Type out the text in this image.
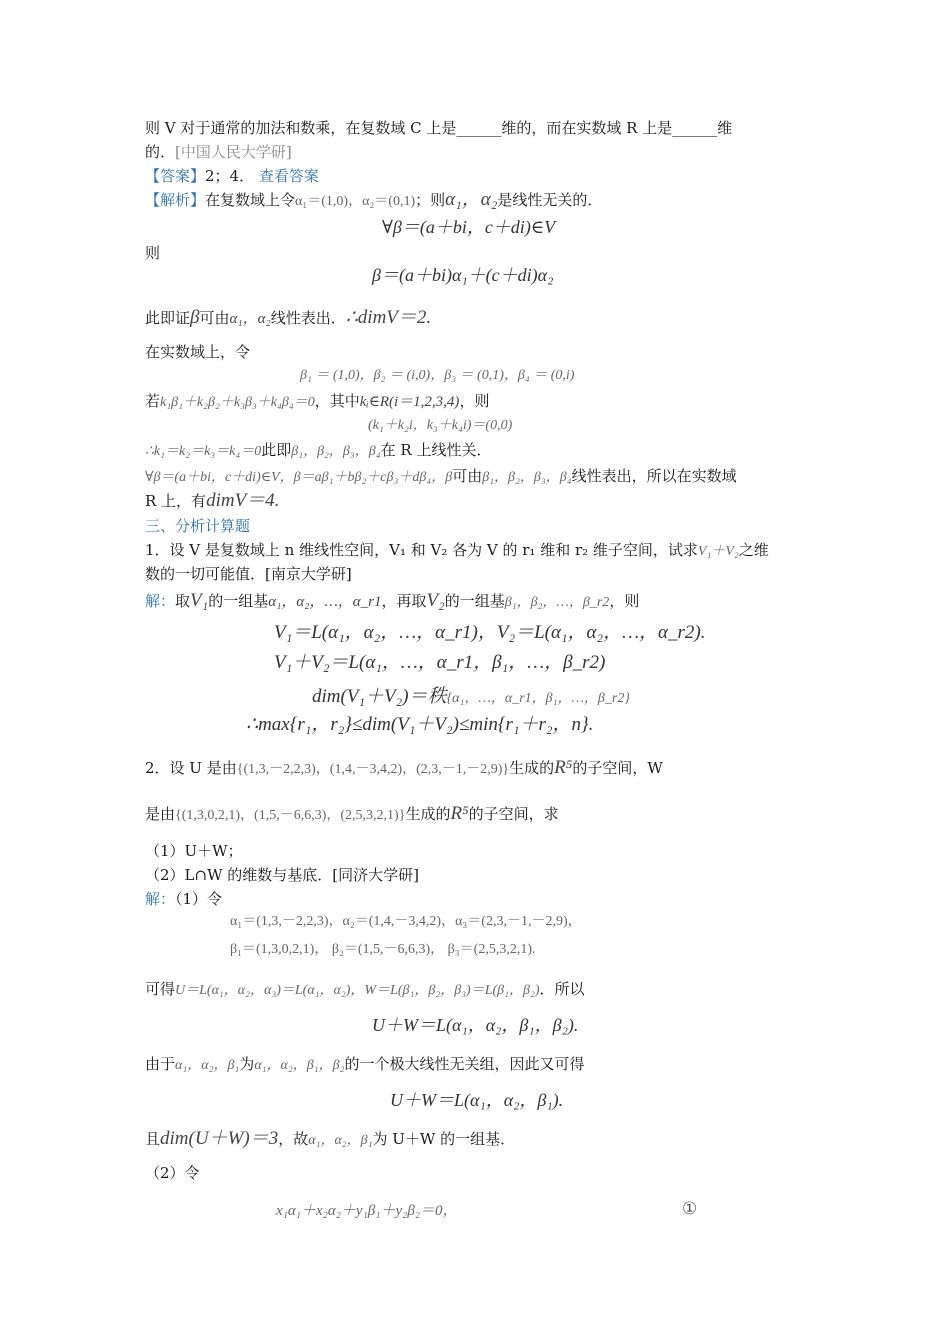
则 V 对于通常的加法和数乘，在复数域 C 上是______维的，而在实数域 R 上是______维
的．[中国人民大学研]
【答案】2；4． 查看答案
【解析】在复数域上令α₁＝(1,0)，α₂＝(0,1)；则α₁，α₂是线性无关的．
∀β＝(a＋bi，c＋di)∈V
则
β＝(a＋bi)α₁＋(c＋di)α₂
此即证β可由α₁，α₂线性表出．∴dimV＝2.
在实数域上，令
β₁ ＝ (1,0)，β₂ ＝ (i,0)，β₃ ＝ (0,1)，β₄ ＝ (0,i)
若k₁β₁＋k₂β₂＋k₃β₃＋k₄β₄＝0，其中kᵢ∈R(i＝1,2,3,4)，则
(k₁＋k₂i，k₃＋k₄i)＝(0,0)
∴k₁＝k₂＝k₃＝k₄＝0此即β₁，β₂，β₃，β₄在 R 上线性关．
∀β＝(a＋bi，c＋di)∈V，β＝aβ₁＋bβ₂＋cβ₃＋dβ₄，β可由β₁，β₂，β₃，β₄线性表出，所以在实数域
R 上，有dimV＝4.
三、分析计算题
1．设 V 是复数域上 n 维线性空间，V₁ 和 V₂ 各为 V 的 r₁ 维和 r₂ 维子空间，试求V₁＋V₂之维
数的一切可能值．[南京大学研]
解：取V₁的一组基α₁，α₂，…，α_r1，再取V₂的一组基β₁，β₂，…，β_r2，则
V₁＝L(α₁，α₂，…，α_r1)，V₂＝L(α₁，α₂，…，α_r2).
V₁＋V₂＝L(α₁，…，α_r1，β₁，…，β_r2)
dim(V₁＋V₂)＝秩{α₁，…，α_r1，β₁，…，β_r2}
∴max{r₁，r₂}≤dim(V₁＋V₂)≤min{r₁＋r₂，n}.
2．设 U 是由{(1,3,－2,2,3)，(1,4,－3,4,2)，(2,3,－1,－2,9)}生成的R⁵的子空间，W
是由{(1,3,0,2,1)，(1,5,－6,6,3)，(2,5,3,2,1)}生成的R⁵的子空间，求
（1）U＋W；
（2）L∩W 的维数与基底．[同济大学研]
解：（1）令
α₁＝(1,3,－2,2,3)，α₂＝(1,4,－3,4,2)，α₃＝(2,3,－1,－2,9)，
β₁＝(1,3,0,2,1)， β₂＝(1,5,－6,6,3)， β₃＝(2,5,3,2,1).
可得U＝L(α₁，α₂，α₃)＝L(α₁，α₂)，W＝L(β₁，β₂，β₃)＝L(β₁，β₂)．所以
U＋W＝L(α₁，α₂，β₁，β₂).
由于α₁，α₂，β₁为α₁，α₂，β₁，β₂的一个极大线性无关组，因此又可得
U＋W＝L(α₁，α₂，β₁).
且dim(U＋W)＝3，故α₁，α₂，β₁为 U＋W 的一组基．
（2）令
x₁α₁＋x₂α₂＋y₁β₁＋y₂β₂＝0，	①
